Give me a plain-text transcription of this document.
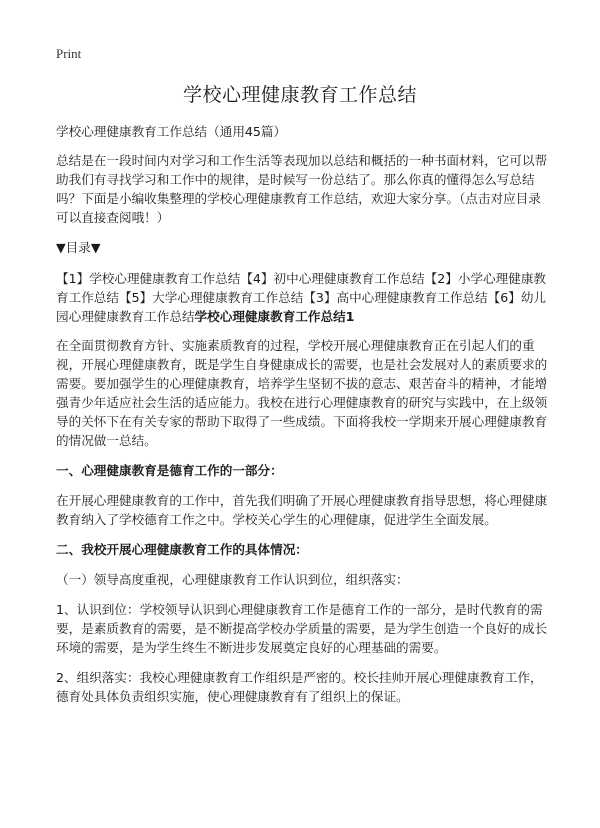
Print
学校心理健康教育工作总结

学校心理健康教育工作总结（通用45篇）

总结是在一段时间内对学习和工作生活等表现加以总结和概括的一种书面材料，它可以帮助我们有寻找学习和工作中的规律，是时候写一份总结了。那么你真的懂得怎么写总结吗？下面是小编收集整理的学校心理健康教育工作总结，欢迎大家分享。（点击对应目录可以直接查阅哦！）

▼目录▼

【1】学校心理健康教育工作总结【4】初中心理健康教育工作总结【2】小学心理健康教育工作总结【5】大学心理健康教育工作总结【3】高中心理健康教育工作总结【6】幼儿园心理健康教育工作总结学校心理健康教育工作总结1

在全面贯彻教育方针、实施素质教育的过程，学校开展心理健康教育正在引起人们的重视，开展心理健康教育，既是学生自身健康成长的需要，也是社会发展对人的素质要求的需要。要加强学生的心理健康教育，培养学生坚韧不拔的意志、艰苦奋斗的精神，才能增强青少年适应社会生活的适应能力。我校在进行心理健康教育的研究与实践中，在上级领导的关怀下在有关专家的帮助下取得了一些成绩。下面将我校一学期来开展心理健康教育的情况做一总结。

一、心理健康教育是德育工作的一部分：

在开展心理健康教育的工作中，首先我们明确了开展心理健康教育指导思想，将心理健康教育纳入了学校德育工作之中。学校关心学生的心理健康，促进学生全面发展。

二、我校开展心理健康教育工作的具体情况：

（一）领导高度重视，心理健康教育工作认识到位，组织落实：

1、认识到位：学校领导认识到心理健康教育工作是德育工作的一部分，是时代教育的需要，是素质教育的需要，是不断提高学校办学质量的需要，是为学生创造一个良好的成长环境的需要，是为学生终生不断进步发展奠定良好的心理基础的需要。

2、组织落实：我校心理健康教育工作组织是严密的。校长挂帅开展心理健康教育工作，德育处具体负责组织实施，使心理健康教育有了组织上的保证。
